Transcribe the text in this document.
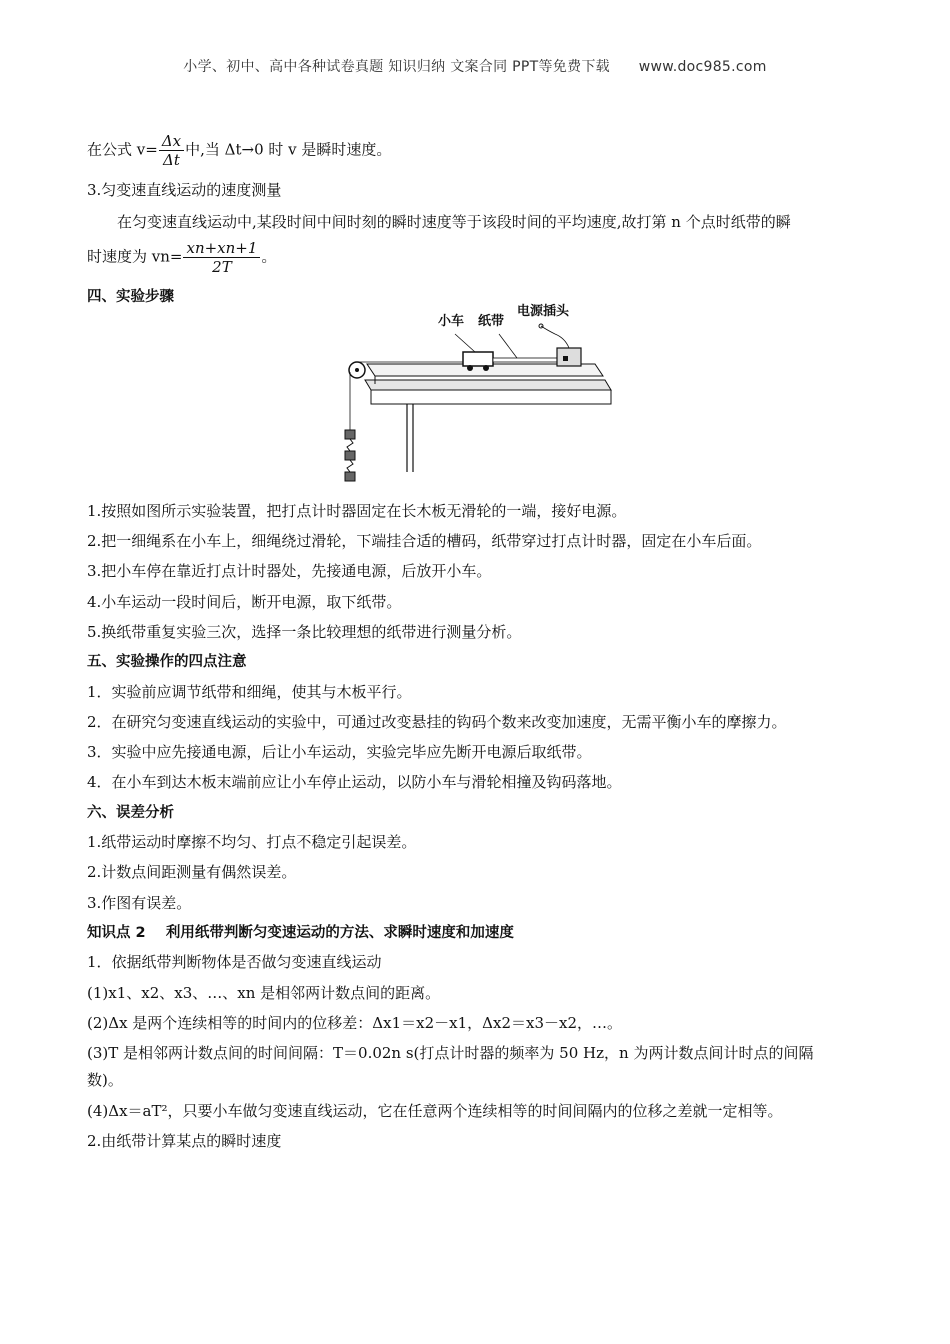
小学、初中、高中各种试卷真题 知识归纳 文案合同 PPT等免费下载 www.doc985.com

在公式 $v= \frac{\Delta x}{\Delta t}$ 中,当 Δt→0 时 v 是瞬时速度。

3.匀变速直线运动的速度测量

在匀变速直线运动中,某段时间中间时刻的瞬时速度等于该段时间的平均速度,故打第 n 个点时纸带的瞬

时速度为 $vn= \frac{xn+xn+1}{2T}$ 。

四、实验步骤

小车 纸带
电源插头

1.按照如图所示实验装置，把打点计时器固定在长木板无滑轮的一端，接好电源。

2.把一细绳系在小车上，细绳绕过滑轮，下端挂合适的槽码，纸带穿过打点计时器，固定在小车后面。

3.把小车停在靠近打点计时器处，先接通电源，后放开小车。

4.小车运动一段时间后，断开电源，取下纸带。

5.换纸带重复实验三次，选择一条比较理想的纸带进行测量分析。

五、实验操作的四点注意

1．实验前应调节纸带和细绳，使其与木板平行。

2．在研究匀变速直线运动的实验中，可通过改变悬挂的钩码个数来改变加速度，无需平衡小车的摩擦力。

3．实验中应先接通电源，后让小车运动，实验完毕应先断开电源后取纸带。

4．在小车到达木板末端前应让小车停止运动，以防小车与滑轮相撞及钩码落地。

六、误差分析

1.纸带运动时摩擦不均匀、打点不稳定引起误差。

2.计数点间距测量有偶然误差。

3.作图有误差。

知识点 2    利用纸带判断匀变速运动的方法、求瞬时速度和加速度

1．依据纸带判断物体是否做匀变速直线运动

(1)x1、x2、x3、…、xn 是相邻两计数点间的距离。

(2)Δx 是两个连续相等的时间内的位移差：Δx1＝x2－x1，Δx2＝x3－x2，…。

(3)T 是相邻两计数点间的时间间隔：T＝0.02n s(打点计时器的频率为 50 Hz，n 为两计数点间计时点的间隔

数)。

(4)Δx＝aT²，只要小车做匀变速直线运动，它在任意两个连续相等的时间间隔内的位移之差就一定相等。

2.由纸带计算某点的瞬时速度
